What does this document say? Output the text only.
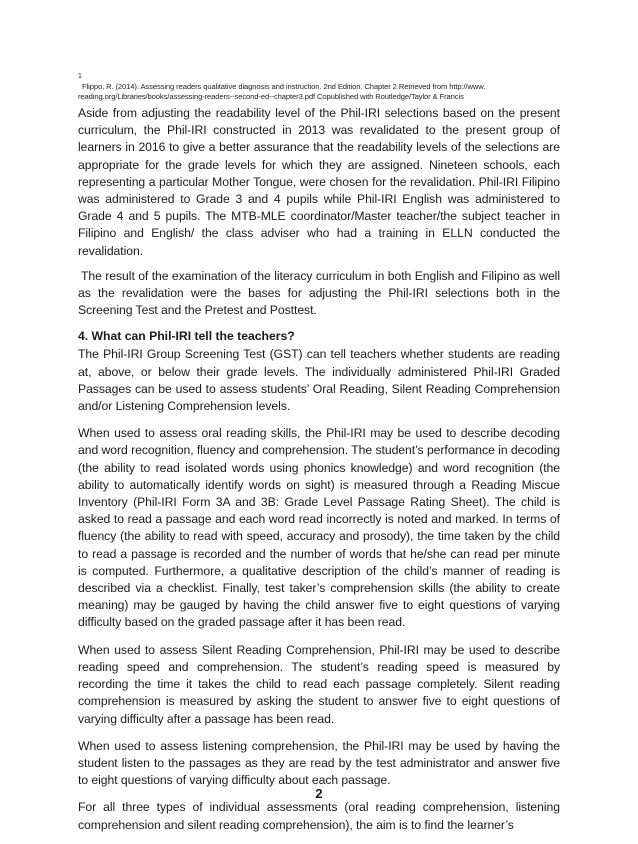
1
Flippo, R. (2014). Assessing readers qualitative diagnosis and instruction. 2nd Edition. Chapter 2 Retrieved from http://www.
reading.org/Libraries/books/assessing-readers--second-ed--chapter3.pdf Copublished with Routledge/Taylor & Francis

Aside from adjusting the readability level of the Phil-IRI selections based on the present curriculum, the Phil-IRI constructed in 2013 was revalidated to the present group of learners in 2016 to give a better assurance that the readability levels of the selections are appropriate for the grade levels for which they are assigned. Nineteen schools, each representing a particular Mother Tongue, were chosen for the revalidation. Phil-IRI Filipino was administered to Grade 3 and 4 pupils while Phil-IRI English was administered to Grade 4 and 5 pupils. The MTB-MLE coordinator/Master teacher/the subject teacher in Filipino and English/ the class adviser who had a training in ELLN conducted the revalidation.

The result of the examination of the literacy curriculum in both English and Filipino as well as the revalidation were the bases for adjusting the Phil-IRI selections both in the Screening Test and the Pretest and Posttest.

4. What can Phil-IRI tell the teachers?

The Phil-IRI Group Screening Test (GST) can tell teachers whether students are reading at, above, or below their grade levels. The individually administered Phil-IRI Graded Passages can be used to assess students’ Oral Reading, Silent Reading Comprehension and/or Listening Comprehension levels.

When used to assess oral reading skills, the Phil-IRI may be used to describe decoding and word recognition, fluency and comprehension. The student’s performance in decoding (the ability to read isolated words using phonics knowledge) and word recognition (the ability to automatically identify words on sight) is measured through a Reading Miscue Inventory (Phil-IRI Form 3A and 3B: Grade Level Passage Rating Sheet). The child is asked to read a passage and each word read incorrectly is noted and marked. In terms of fluency (the ability to read with speed, accuracy and prosody), the time taken by the child to read a passage is recorded and the number of words that he/she can read per minute is computed. Furthermore, a qualitative description of the child’s manner of reading is described via a checklist. Finally, test taker’s comprehension skills (the ability to create meaning) may be gauged by having the child answer five to eight questions of varying difficulty based on the graded passage after it has been read.

When used to assess Silent Reading Comprehension, Phil-IRI may be used to describe reading speed and comprehension. The student’s reading speed is measured by recording the time it takes the child to read each passage completely. Silent reading comprehension is measured by asking the student to answer five to eight questions of varying difficulty after a passage has been read.

When used to assess listening comprehension, the Phil-IRI may be used by having the student listen to the passages as they are read by the test administrator and answer five to eight questions of varying difficulty about each passage.

For all three types of individual assessments (oral reading comprehension, listening comprehension and silent reading comprehension), the aim is to find the learner’s

2
